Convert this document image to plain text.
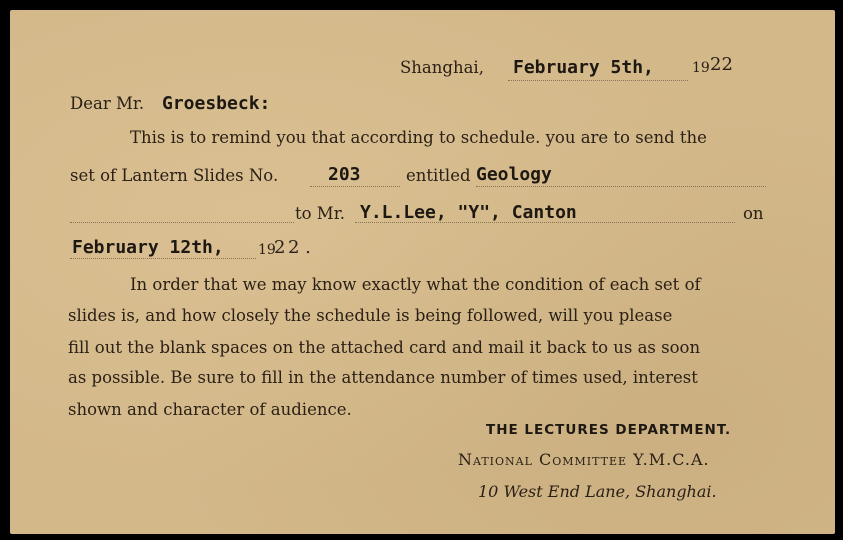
Shanghai, February 5th,	19 22
Dear Mr. Groesbeck:
This is to remind you that according to schedule. you are to send the
set of Lantern Slides No.	203	entitled Geology
to Mr. Y.L.Lee, "Y", Canton	on
February 12th, 19
2 2 .
In order that we may know exactly what the condition of each set of
slides is, and how closely the schedule is being followed, will you please
fill out the blank spaces on the attached card and mail it back to us as soon
as possible. Be sure to fill in the attendance number of times used, interest
shown and character of audience.
THE LECTURES DEPARTMENT.
National Committee Y.M.C.A.
10 West End Lane, Shanghai.
